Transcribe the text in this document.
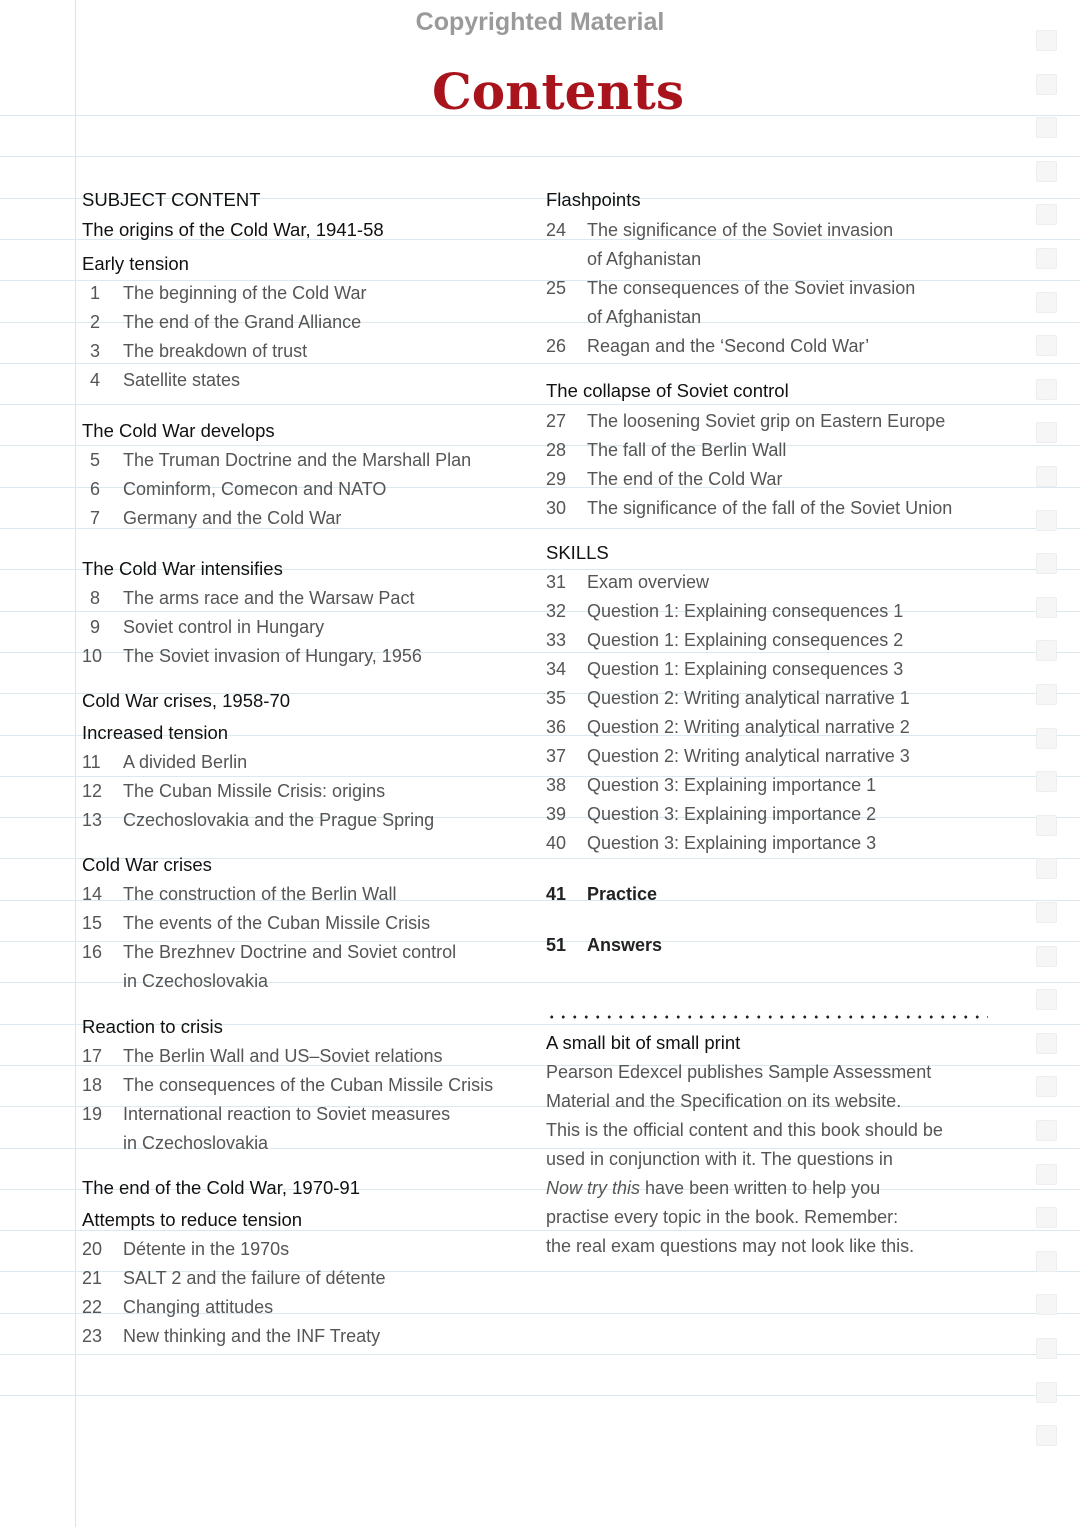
Copyrighted Material
Contents
SUBJECT CONTENT
The origins of the Cold War, 1941-58
Early tension
1 The beginning of the Cold War
2 The end of the Grand Alliance
3 The breakdown of trust
4 Satellite states
The Cold War develops
5 The Truman Doctrine and the Marshall Plan
6 Cominform, Comecon and NATO
7 Germany and the Cold War
The Cold War intensifies
8 The arms race and the Warsaw Pact
9 Soviet control in Hungary
10 The Soviet invasion of Hungary, 1956
Cold War crises, 1958-70
Increased tension
11 A divided Berlin
12 The Cuban Missile Crisis: origins
13 Czechoslovakia and the Prague Spring
Cold War crises
14 The construction of the Berlin Wall
15 The events of the Cuban Missile Crisis
16 The Brezhnev Doctrine and Soviet control
in Czechoslovakia
Reaction to crisis
17 The Berlin Wall and US–Soviet relations
18 The consequences of the Cuban Missile Crisis
19 International reaction to Soviet measures
in Czechoslovakia
The end of the Cold War, 1970-91
Attempts to reduce tension
20 Détente in the 1970s
21 SALT 2 and the failure of détente
22 Changing attitudes
23 New thinking and the INF Treaty
Flashpoints
24 The significance of the Soviet invasion
of Afghanistan
25 The consequences of the Soviet invasion
of Afghanistan
26 Reagan and the ‘Second Cold War’
The collapse of Soviet control
27 The loosening Soviet grip on Eastern Europe
28 The fall of the Berlin Wall
29 The end of the Cold War
30 The significance of the fall of the Soviet Union
SKILLS
31 Exam overview
32 Question 1: Explaining consequences 1
33 Question 1: Explaining consequences 2
34 Question 1: Explaining consequences 3
35 Question 2: Writing analytical narrative 1
36 Question 2: Writing analytical narrative 2
37 Question 2: Writing analytical narrative 3
38 Question 3: Explaining importance 1
39 Question 3: Explaining importance 2
40 Question 3: Explaining importance 3
41 Practice
51 Answers
A small bit of small print
Pearson Edexcel publishes Sample Assessment
Material and the Specification on its website.
This is the official content and this book should be
used in conjunction with it. The questions in
Now try this have been written to help you
practise every topic in the book. Remember:
the real exam questions may not look like this.
